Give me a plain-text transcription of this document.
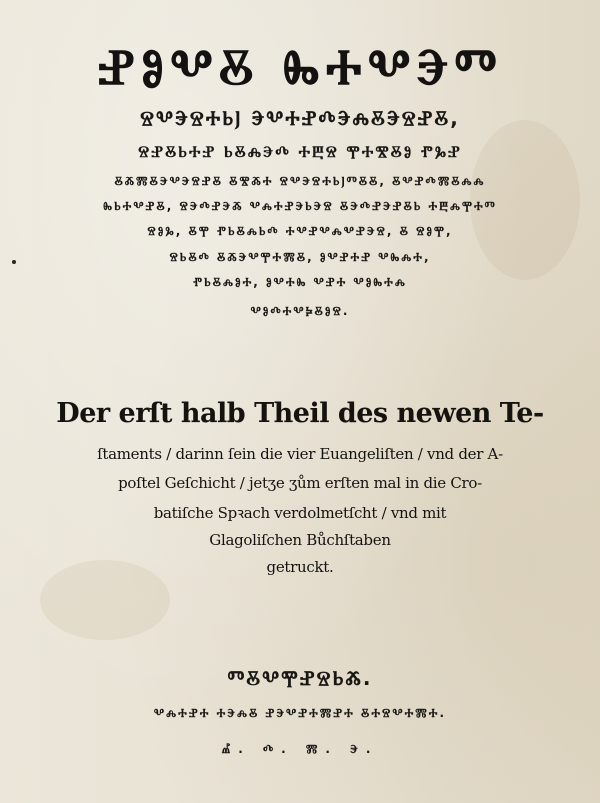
ⰐⰑⰂⰋ ⰈⰀⰂⰅⰕ
ⰔⰂⰅⰔⰀⰓⰬ ⰅⰂⰀⰐⰄⰅⰎⰋⰅⰔⰐⰋ,
ⰔⰐⰋⰓⰀⰐ ⰓⰋⰎⰅⰄ ⰀⰁⰔ ⰉⰀⰊⰋⰑ ⰒⰃⰐ
ⰋⰆⰏⰋⰅⰂⰅⰔⰐⰋ ⰋⰊⰆⰀ ⰔⰂⰅⰔⰀⰓⰬⰕⰋⰋ, ⰋⰂⰐⰄⰏⰋⰎⰎ
ⰈⰓⰀⰂⰐⰋ, ⰔⰅⰄⰐⰅⰆ ⰂⰎⰀⰐⰅⰓⰅⰔ ⰋⰅⰄⰐⰅⰐⰋⰓ ⰀⰁⰎⰉⰀⰕ
ⰔⰑⰃ, ⰋⰉ ⰒⰓⰋⰎⰓⰄ ⰀⰂⰐⰂⰎⰂⰐⰅⰔ, Ⰻ ⰔⰑⰉ,
ⰔⰓⰋⰄ ⰋⰆⰅⰂⰉⰀⰏⰋ, ⰑⰂⰐⰀⰐ ⰂⰈⰎⰀ,
ⰒⰓⰋⰎⰑⰀ, ⰑⰂⰀⰈ ⰂⰐⰀ ⰂⰑⰈⰀⰎ
ⰂⰑⰄⰀⰂⰍⰋⰑⰔ.
Der erſt halb Theil des newen Te-
ſtaments / darinn ſein die vier Euangeliſten / vnd der A-
poſtel Geſchicht / jetʒe ʒům erſten mal in die Cro-
batiſche Spꝛach verdolmetſcht / vnd mit
Glagoliſchen Bůchſtaben
getruckt.
ⰕⰋⰂⰉⰐⰔⰓⰆ.
ⰂⰎⰀⰐⰀ ⰀⰅⰎⰋ ⰐⰅⰂⰐⰀⰏⰐⰀ ⰋⰀⰔⰂⰀⰏⰀ.
Ⰼ. Ⰴ. Ⰿ. Ⰵ.
